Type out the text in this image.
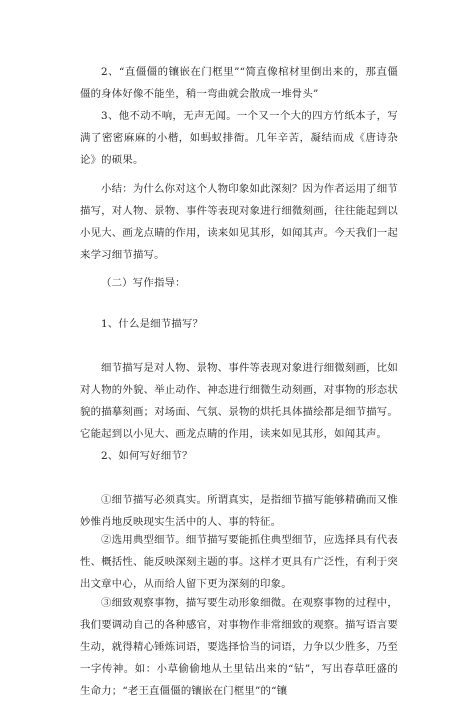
2、“直僵僵的镶嵌在门框里”“简直像棺材里倒出来的，那直僵僵的身体好像不能坐，稍一弯曲就会散成一堆骨头”

3、他不动不响，无声无闻。一个又一个大的四方竹纸本子，写满了密密麻麻的小楷，如蚂蚁排衙。几年辛苦，凝结而成《唐诗杂论》的硕果。

小结：为什么你对这个人物印象如此深刻？因为作者运用了细节描写，对人物、景物、事件等表现对象进行细微刻画，往往能起到以小见大、画龙点睛的作用，读来如见其形，如闻其声。今天我们一起来学习细节描写。

（二）写作指导：

1、什么是细节描写？

细节描写是对人物、景物、事件等表现对象进行细微刻画，比如对人物的外貌、举止动作、神态进行细微生动刻画，对事物的形态状貌的描摹刻画；对场面、气氛、景物的烘托具体描绘都是细节描写。它能起到以小见大、画龙点睛的作用，读来如见其形，如闻其声。

2、如何写好细节？

①细节描写必须真实。所谓真实，是指细节描写能够精确而又惟妙惟肖地反映现实生活中的人、事的特征。

②选用典型细节。细节描写要能抓住典型细节，应选择具有代表性、概括性、能反映深刻主题的事。这样才更具有广泛性，有利于突出文章中心，从而给人留下更为深刻的印象。

③细致观察事物，描写要生动形象细微。在观察事物的过程中，我们要调动自己的各种感官，对事物作非常细致的观察。描写语言要生动，就得精心锤炼词语，要选择恰当的词语，力争以少胜多，乃至一字传神。如：小草偷偷地从土里钻出来的“钻”，写出春草旺盛的生命力；“老王直僵僵的镶嵌在门框里”的“镶
